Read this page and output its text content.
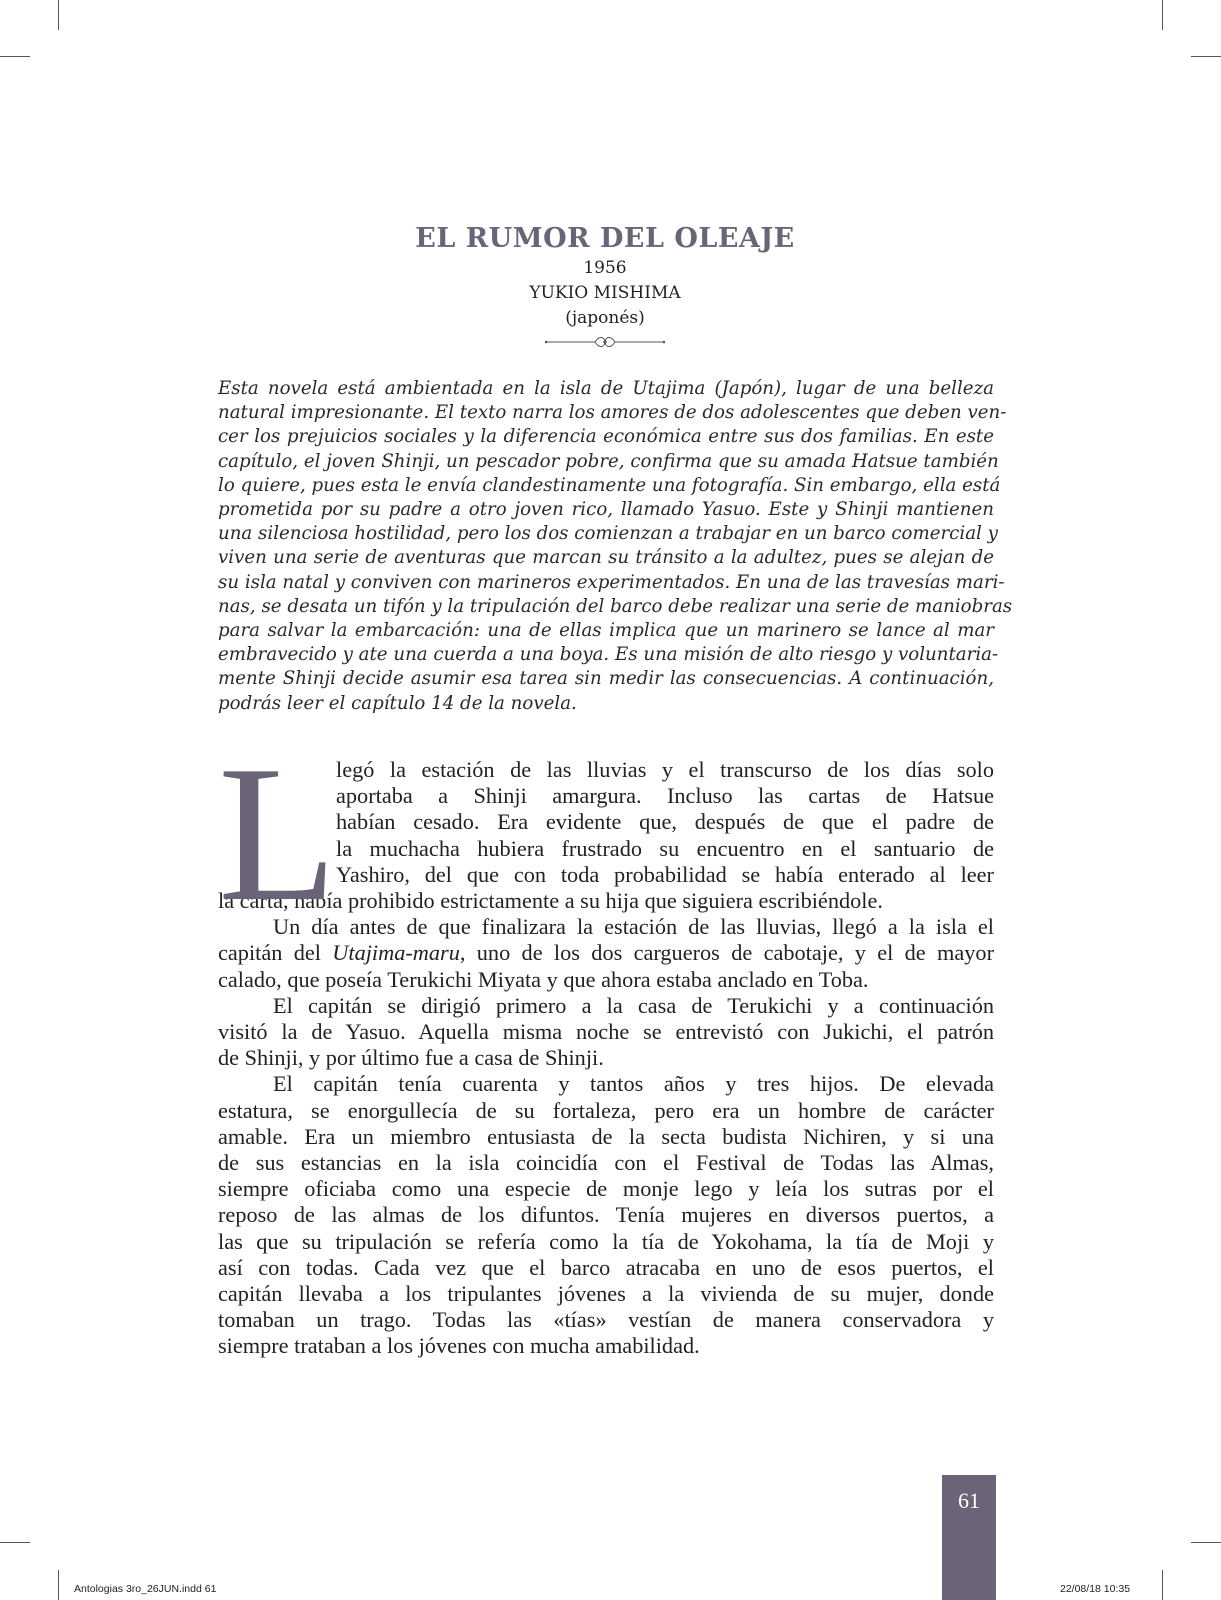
EL RUMOR DEL OLEAJE
1956
YUKIO MISHIMA
(japonés)
Esta novela está ambientada en la isla de Utajima (Japón), lugar de una belleza
natural impresionante. El texto narra los amores de dos adolescentes que deben ven-
cer los prejuicios sociales y la diferencia económica entre sus dos familias. En este
capítulo, el joven Shinji, un pescador pobre, confirma que su amada Hatsue también
lo quiere, pues esta le envía clandestinamente una fotografía. Sin embargo, ella está
prometida por su padre a otro joven rico, llamado Yasuo. Este y Shinji mantienen
una silenciosa hostilidad, pero los dos comienzan a trabajar en un barco comercial y
viven una serie de aventuras que marcan su tránsito a la adultez, pues se alejan de
su isla natal y conviven con marineros experimentados. En una de las travesías mari-
nas, se desata un tifón y la tripulación del barco debe realizar una serie de maniobras
para salvar la embarcación: una de ellas implica que un marinero se lance al mar
embravecido y ate una cuerda a una boya. Es una misión de alto riesgo y voluntaria-
mente Shinji decide asumir esa tarea sin medir las consecuencias. A continuación,
podrás leer el capítulo 14 de la novela.
L
legó la estación de las lluvias y el transcurso de los días solo
aportaba a Shinji amargura. Incluso las cartas de Hatsue
habían cesado. Era evidente que, después de que el padre de
la muchacha hubiera frustrado su encuentro en el santuario de
Yashiro, del que con toda probabilidad se había enterado al leer
la carta, había prohibido estrictamente a su hija que siguiera escribiéndole.
Un día antes de que finalizara la estación de las lluvias, llegó a la isla el
capitán del Utajima-maru, uno de los dos cargueros de cabotaje, y el de mayor
calado, que poseía Terukichi Miyata y que ahora estaba anclado en Toba.
El capitán se dirigió primero a la casa de Terukichi y a continuación
visitó la de Yasuo. Aquella misma noche se entrevistó con Jukichi, el patrón
de Shinji, y por último fue a casa de Shinji.
El capitán tenía cuarenta y tantos años y tres hijos. De elevada
estatura, se enorgullecía de su fortaleza, pero era un hombre de carácter
amable. Era un miembro entusiasta de la secta budista Nichiren, y si una
de sus estancias en la isla coincidía con el Festival de Todas las Almas,
siempre oficiaba como una especie de monje lego y leía los sutras por el
reposo de las almas de los difuntos. Tenía mujeres en diversos puertos, a
las que su tripulación se refería como la tía de Yokohama, la tía de Moji y
así con todas. Cada vez que el barco atracaba en uno de esos puertos, el
capitán llevaba a los tripulantes jóvenes a la vivienda de su mujer, donde
tomaban un trago. Todas las «tías» vestían de manera conservadora y
siempre trataban a los jóvenes con mucha amabilidad.
61
Antologias 3ro_26JUN.indd 61	22/08/18 10:35
